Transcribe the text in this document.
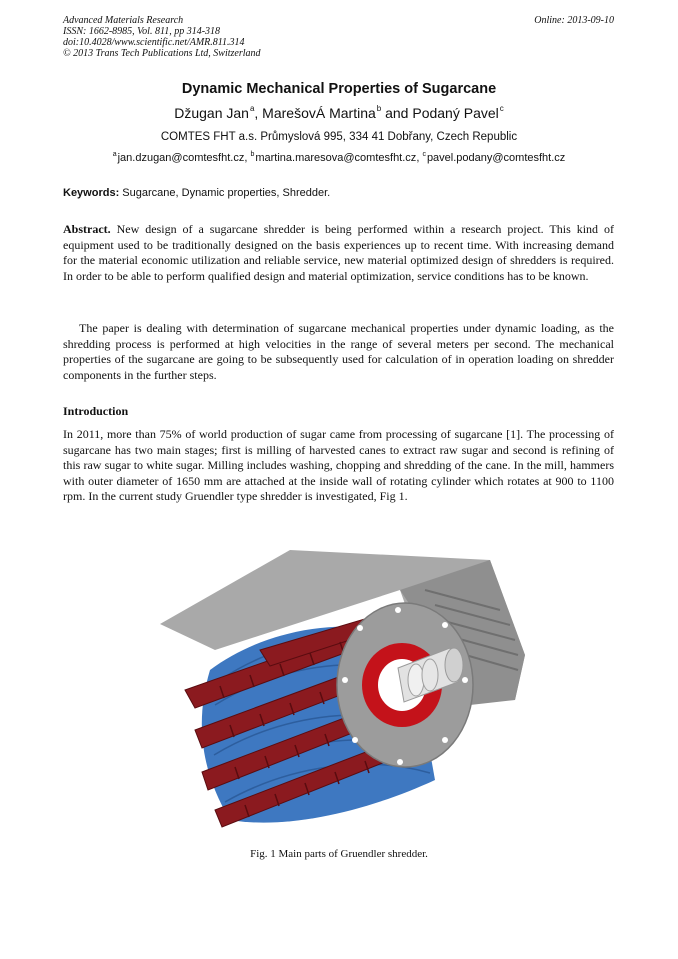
Advanced Materials Research
ISSN: 1662-8985, Vol. 811, pp 314-318
doi:10.4028/www.scientific.net/AMR.811.314
© 2013 Trans Tech Publications Ltd, Switzerland
Online: 2013-09-10
Dynamic Mechanical Properties of Sugarcane
Džugan Jan$^a$, MarešovÁ Martina$^b$ and Podaný Pavel$^c$
COMTES FHT a.s. Průmyslová 995, 334 41 Dobřany, Czech Republic
$^a$jan.dzugan@comtesfht.cz, $^b$martina.maresova@comtesfht.cz, $^c$pavel.podany@comtesfht.cz
Keywords: Sugarcane, Dynamic properties, Shredder.
Abstract. New design of a sugarcane shredder is being performed within a research project. This kind of equipment used to be traditionally designed on the basis experiences up to recent time. With increasing demand for the material economic utilization and reliable service, new material optimized design of shredders is required. In order to be able to perform qualified design and material optimization, service conditions has to be known.
The paper is dealing with determination of sugarcane mechanical properties under dynamic loading, as the shredding process is performed at high velocities in the range of several meters per second. The mechanical properties of the sugarcane are going to be subsequently used for calculation of in operation loading on shredder components in the further steps.
Introduction
In 2011, more than 75% of world production of sugar came from processing of sugarcane [1]. The processing of sugarcane has two main stages; first is milling of harvested canes to extract raw sugar and second is refining of this raw sugar to white sugar. Milling includes washing, chopping and shredding of the cane. In the mill, hammers with outer diameter of 1650 mm are attached at the inside wall of rotating cylinder which rotates at 900 to 1100 rpm. In the current study Gruendler type shredder is investigated, Fig 1.
Fig. 1 Main parts of Gruendler shredder.
